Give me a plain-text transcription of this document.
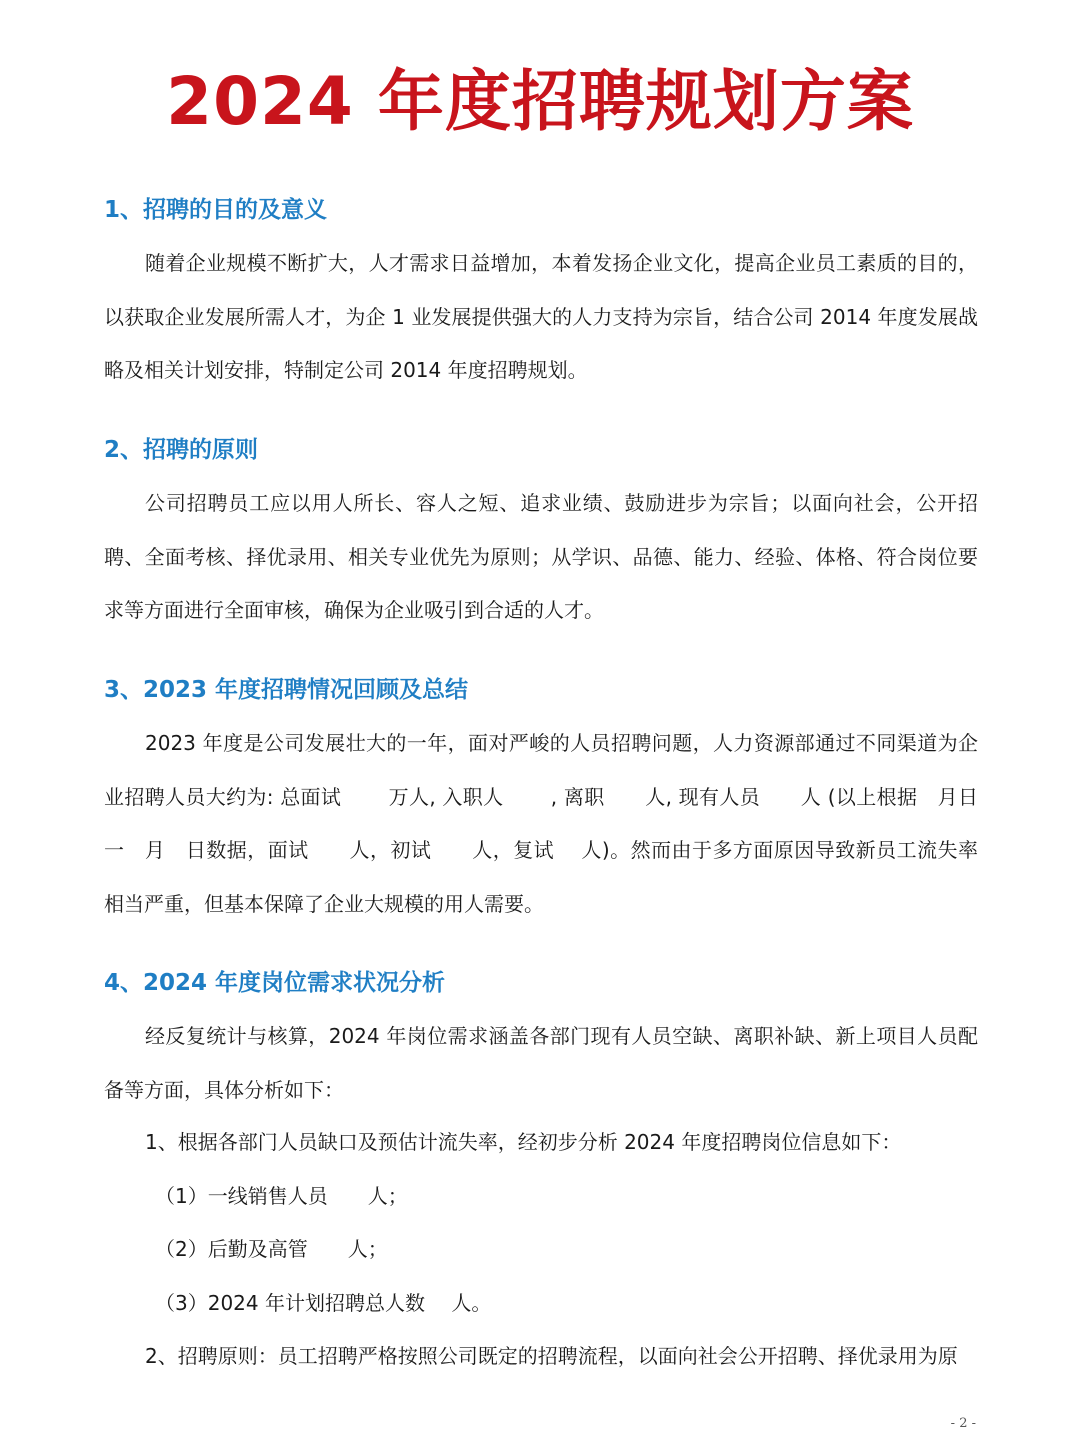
2024 年度招聘规划方案
1、招聘的目的及意义

随着企业规模不断扩大，人才需求日益增加，本着发扬企业文化，提高企业员工素质的目的，以获取企业发展所需人才，为企 1 业发展提供强大的人力支持为宗旨，结合公司 2014 年度发展战略及相关计划安排，特制定公司 2014 年度招聘规划。

2、招聘的原则

公司招聘员工应以用人所长、容人之短、追求业绩、鼓励进步为宗旨；以面向社会，公开招聘、全面考核、择优录用、相关专业优先为原则；从学识、品德、能力、经验、体格、符合岗位要求等方面进行全面审核，确保为企业吸引到合适的人才。

3、2023 年度招聘情况回顾及总结

2023 年度是公司发展壮大的一年，面对严峻的人员招聘问题，人力资源部通过不同渠道为企业招聘人员大约为: 总面试　　 万人, 入职人　　 , 离职　　人, 现有人员　　人 (以上根据　月日一　月　日数据，面试　　人，初试　　人，复试　 人)。然而由于多方面原因导致新员工流失率相当严重，但基本保障了企业大规模的用人需要。

4、2024 年度岗位需求状况分析

经反复统计与核算，2024 年岗位需求涵盖各部门现有人员空缺、离职补缺、新上项目人员配备等方面，具体分析如下：

1、根据各部门人员缺口及预估计流失率，经初步分析 2024 年度招聘岗位信息如下：
（1）一线销售人员　　人；
（2）后勤及高管　　人；
（3）2024 年计划招聘总人数　 人。
2、招聘原则：员工招聘严格按照公司既定的招聘流程，以面向社会公开招聘、择优录用为原
- 2 -
